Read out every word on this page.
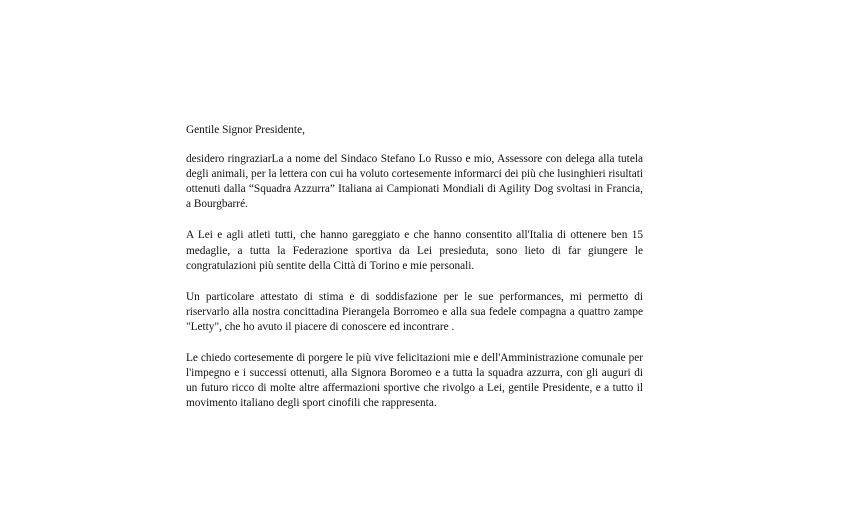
Gentile Signor Presidente,

desidero ringraziarLa a nome del Sindaco Stefano Lo Russo e mio, Assessore con delega alla tutela degli animali, per la lettera con cui ha voluto cortesemente informarci dei più che lusinghieri risultati ottenuti dalla “Squadra Azzurra” Italiana ai Campionati Mondiali di Agility Dog svoltasi in Francia, a Bourgbarré.

A Lei e agli atleti tutti, che hanno gareggiato e che hanno consentito all'Italia di ottenere ben 15 medaglie, a tutta la Federazione sportiva da Lei presieduta, sono lieto di far giungere le congratulazioni più sentite della Città di Torino e mie personali.

Un particolare attestato di stima e di soddisfazione per le sue performances, mi permetto di riservarlo alla nostra concittadina Pierangela Borromeo e alla sua fedele compagna a quattro zampe "Letty", che ho avuto il piacere di conoscere ed incontrare .

Le chiedo cortesemente di porgere le più vive felicitazioni mie e dell'Amministrazione comunale per l'impegno e i successi ottenuti, alla Signora Boromeo e a tutta la squadra azzurra, con gli auguri di un futuro ricco di molte altre affermazioni sportive che rivolgo a Lei, gentile Presidente, e a tutto il movimento italiano degli sport cinofili che rappresenta.
